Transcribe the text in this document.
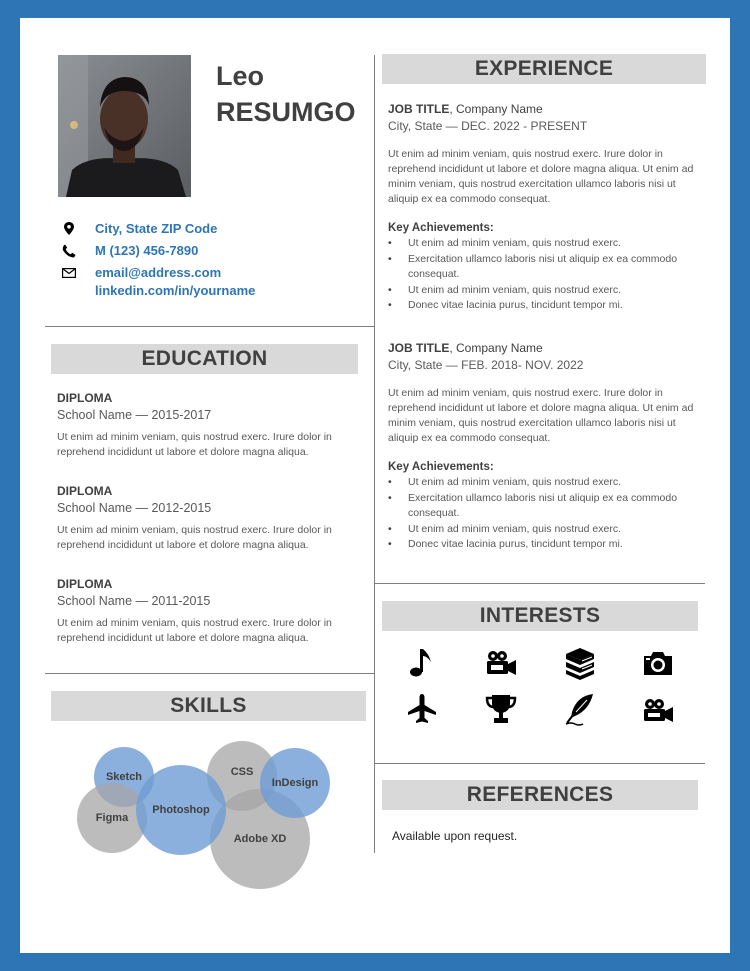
Leo
RESUMGO
City, State ZIP Code
M (123) 456-7890
email@address.com
linkedin.com/in/yourname
EDUCATION
DIPLOMA
School Name — 2015-2017
Ut enim ad minim veniam, quis nostrud exerc. Irure dolor in reprehend incididunt ut labore et dolore magna aliqua.
DIPLOMA
School Name — 2012-2015
Ut enim ad minim veniam, quis nostrud exerc. Irure dolor in reprehend incididunt ut labore et dolore magna aliqua.
DIPLOMA
School Name — 2011-2015
Ut enim ad minim veniam, quis nostrud exerc. Irure dolor in reprehend incididunt ut labore et dolore magna aliqua.
SKILLS
CSS
Sketch
Adobe XD
InDesign
Figma
Photoshop
EXPERIENCE
JOB TITLE, Company Name
City, State — DEC. 2022 - PRESENT
Ut enim ad minim veniam, quis nostrud exerc. Irure dolor in reprehend incididunt ut labore et dolore magna aliqua. Ut enim ad minim veniam, quis nostrud exercitation ullamco laboris nisi ut aliquip ex ea commodo consequat.
Key Achievements:
• Ut enim ad minim veniam, quis nostrud exerc.
• Exercitation ullamco laboris nisi ut aliquip ex ea commodo consequat.
• Ut enim ad minim veniam, quis nostrud exerc.
• Donec vitae lacinia purus, tincidunt tempor mi.
JOB TITLE, Company Name
City, State — FEB. 2018- NOV. 2022
Ut enim ad minim veniam, quis nostrud exerc. Irure dolor in reprehend incididunt ut labore et dolore magna aliqua. Ut enim ad minim veniam, quis nostrud exercitation ullamco laboris nisi ut aliquip ex ea commodo consequat.
Key Achievements:
• Ut enim ad minim veniam, quis nostrud exerc.
• Exercitation ullamco laboris nisi ut aliquip ex ea commodo consequat.
• Ut enim ad minim veniam, quis nostrud exerc.
• Donec vitae lacinia purus, tincidunt tempor mi.
INTERESTS
REFERENCES
Available upon request.
